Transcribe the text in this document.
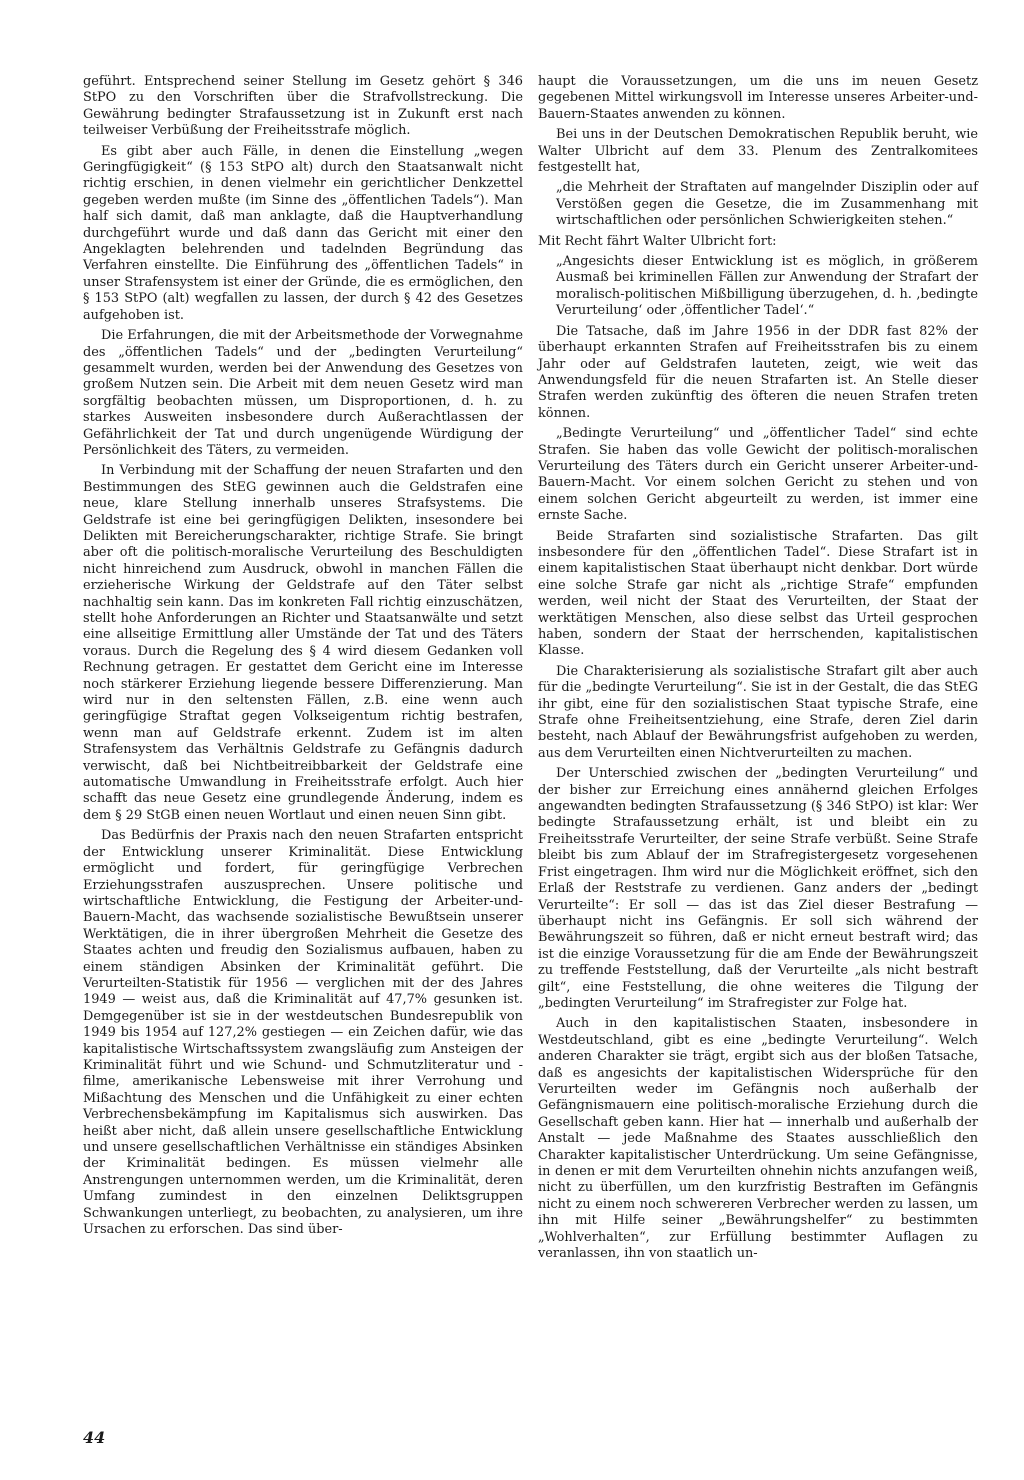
geführt. Entsprechend seiner Stellung im Gesetz gehört § 346 StPO zu den Vorschriften über die Strafvollstreckung. Die Gewährung bedingter Strafaussetzung ist in Zukunft erst nach teilweiser Verbüßung der Freiheitsstrafe möglich.

Es gibt aber auch Fälle, in denen die Einstellung „wegen Geringfügigkeit“ (§ 153 StPO alt) durch den Staatsanwalt nicht richtig erschien, in denen vielmehr ein gerichtlicher Denkzettel gegeben werden mußte (im Sinne des „öffentlichen Tadels“). Man half sich damit, daß man anklagte, daß die Hauptverhandlung durchgeführt wurde und daß dann das Gericht mit einer den Angeklagten belehrenden und tadelnden Begründung das Verfahren einstellte. Die Einführung des „öffentlichen Tadels“ in unser Strafensystem ist einer der Gründe, die es ermöglichen, den § 153 StPO (alt) wegfallen zu lassen, der durch § 42 des Gesetzes aufgehoben ist.

Die Erfahrungen, die mit der Arbeitsmethode der Vorwegnahme des „öffentlichen Tadels“ und der „bedingten Verurteilung“ gesammelt wurden, werden bei der Anwendung des Gesetzes von großem Nutzen sein. Die Arbeit mit dem neuen Gesetz wird man sorgfältig beobachten müssen, um Disproportionen, d. h. zu starkes Ausweiten insbesondere durch Außerachtlassen der Gefährlichkeit der Tat und durch ungenügende Würdigung der Persönlichkeit des Täters, zu vermeiden.

In Verbindung mit der Schaffung der neuen Strafarten und den Bestimmungen des StEG gewinnen auch die Geldstrafen eine neue, klare Stellung innerhalb unseres Strafsystems. Die Geldstrafe ist eine bei geringfügigen Delikten, insesondere bei Delikten mit Bereicherungscharakter, richtige Strafe. Sie bringt aber oft die politisch-moralische Verurteilung des Beschuldigten nicht hinreichend zum Ausdruck, obwohl in manchen Fällen die erzieherische Wirkung der Geldstrafe auf den Täter selbst nachhaltig sein kann. Das im konkreten Fall richtig einzuschätzen, stellt hohe Anforderungen an Richter und Staatsanwälte und setzt eine allseitige Ermittlung aller Umstände der Tat und des Täters voraus. Durch die Regelung des § 4 wird diesem Gedanken voll Rechnung getragen. Er gestattet dem Gericht eine im Interesse noch stärkerer Erziehung liegende bessere Differenzierung. Man wird nur in den seltensten Fällen, z.B. eine wenn auch geringfügige Straftat gegen Volkseigentum richtig bestrafen, wenn man auf Geldstrafe erkennt. Zudem ist im alten Strafensystem das Verhältnis Geldstrafe zu Gefängnis dadurch verwischt, daß bei Nichtbeitreibbarkeit der Geldstrafe eine automatische Umwandlung in Freiheitsstrafe erfolgt. Auch hier schafft das neue Gesetz eine grundlegende Änderung, indem es dem § 29 StGB einen neuen Wortlaut und einen neuen Sinn gibt.

Das Bedürfnis der Praxis nach den neuen Strafarten entspricht der Entwicklung unserer Kriminalität. Diese Entwicklung ermöglicht und fordert, für geringfügige Verbrechen Erziehungsstrafen auszusprechen. Unsere politische und wirtschaftliche Entwicklung, die Festigung der Arbeiter-und-Bauern-Macht, das wachsende sozialistische Bewußtsein unserer Werktätigen, die in ihrer übergroßen Mehrheit die Gesetze des Staates achten und freudig den Sozialismus aufbauen, haben zu einem ständigen Absinken der Kriminalität geführt. Die Verurteilten-Statistik für 1956 — verglichen mit der des Jahres 1949 — weist aus, daß die Kriminalität auf 47,7% gesunken ist. Demgegenüber ist sie in der westdeutschen Bundesrepublik von 1949 bis 1954 auf 127,2% gestiegen — ein Zeichen dafür, wie das kapitalistische Wirtschaftssystem zwangsläufig zum Ansteigen der Kriminalität führt und wie Schund- und Schmutzliteratur und -filme, amerikanische Lebensweise mit ihrer Verrohung und Mißachtung des Menschen und die Unfähigkeit zu einer echten Verbrechensbekämpfung im Kapitalismus sich auswirken. Das heißt aber nicht, daß allein unsere gesellschaftliche Entwicklung und unsere gesellschaftlichen Verhältnisse ein ständiges Absinken der Kriminalität bedingen. Es müssen vielmehr alle Anstrengungen unternommen werden, um die Kriminalität, deren Umfang zumindest in den einzelnen Deliktsgruppen Schwankungen unterliegt, zu beobachten, zu analysieren, um ihre Ursachen zu erforschen. Das sind über-

haupt die Voraussetzungen, um die uns im neuen Gesetz gegebenen Mittel wirkungsvoll im Interesse unseres Arbeiter-und-Bauern-Staates anwenden zu können.

Bei uns in der Deutschen Demokratischen Republik beruht, wie Walter Ulbricht auf dem 33. Plenum des Zentralkomitees festgestellt hat,

„die Mehrheit der Straftaten auf mangelnder Disziplin oder auf Verstößen gegen die Gesetze, die im Zusammenhang mit wirtschaftlichen oder persönlichen Schwierigkeiten stehen.“

Mit Recht fährt Walter Ulbricht fort:

„Angesichts dieser Entwicklung ist es möglich, in größerem Ausmaß bei kriminellen Fällen zur Anwendung der Strafart der moralisch-politischen Mißbilligung überzugehen, d. h. ‚bedingte Verurteilung‘ oder ‚öffentlicher Tadel‘.“

Die Tatsache, daß im Jahre 1956 in der DDR fast 82% der überhaupt erkannten Strafen auf Freiheitsstrafen bis zu einem Jahr oder auf Geldstrafen lauteten, zeigt, wie weit das Anwendungsfeld für die neuen Strafarten ist. An Stelle dieser Strafen werden zukünftig des öfteren die neuen Strafen treten können.

„Bedingte Verurteilung“ und „öffentlicher Tadel“ sind echte Strafen. Sie haben das volle Gewicht der politisch-moralischen Verurteilung des Täters durch ein Gericht unserer Arbeiter-und-Bauern-Macht. Vor einem solchen Gericht zu stehen und von einem solchen Gericht abgeurteilt zu werden, ist immer eine ernste Sache.

Beide Strafarten sind sozialistische Strafarten. Das gilt insbesondere für den „öffentlichen Tadel“. Diese Strafart ist in einem kapitalistischen Staat überhaupt nicht denkbar. Dort würde eine solche Strafe gar nicht als „richtige Strafe“ empfunden werden, weil nicht der Staat des Verurteilten, der Staat der werktätigen Menschen, also diese selbst das Urteil gesprochen haben, sondern der Staat der herrschenden, kapitalistischen Klasse.

Die Charakterisierung als sozialistische Strafart gilt aber auch für die „bedingte Verurteilung“. Sie ist in der Gestalt, die das StEG ihr gibt, eine für den sozialistischen Staat typische Strafe, eine Strafe ohne Freiheitsentziehung, eine Strafe, deren Ziel darin besteht, nach Ablauf der Bewährungsfrist aufgehoben zu werden, aus dem Verurteilten einen Nichtverurteilten zu machen.

Der Unterschied zwischen der „bedingten Verurteilung“ und der bisher zur Erreichung eines annähernd gleichen Erfolges angewandten bedingten Strafaussetzung (§ 346 StPO) ist klar: Wer bedingte Strafaussetzung erhält, ist und bleibt ein zu Freiheitsstrafe Verurteilter, der seine Strafe verbüßt. Seine Strafe bleibt bis zum Ablauf der im Strafregistergesetz vorgesehenen Frist eingetragen. Ihm wird nur die Möglichkeit eröffnet, sich den Erlaß der Reststrafe zu verdienen. Ganz anders der „bedingt Verurteilte“: Er soll — das ist das Ziel dieser Bestrafung — überhaupt nicht ins Gefängnis. Er soll sich während der Bewährungszeit so führen, daß er nicht erneut bestraft wird; das ist die einzige Voraussetzung für die am Ende der Bewährungszeit zu treffende Feststellung, daß der Verurteilte „als nicht bestraft gilt“, eine Feststellung, die ohne weiteres die Tilgung der „bedingten Verurteilung“ im Strafregister zur Folge hat.

Auch in den kapitalistischen Staaten, insbesondere in Westdeutschland, gibt es eine „bedingte Verurteilung“. Welch anderen Charakter sie trägt, ergibt sich aus der bloßen Tatsache, daß es angesichts der kapitalistischen Widersprüche für den Verurteilten weder im Gefängnis noch außerhalb der Gefängnismauern eine politisch-moralische Erziehung durch die Gesellschaft geben kann. Hier hat — innerhalb und außerhalb der Anstalt — jede Maßnahme des Staates ausschließlich den Charakter kapitalistischer Unterdrückung. Um seine Gefängnisse, in denen er mit dem Verurteilten ohnehin nichts anzufangen weiß, nicht zu überfüllen, um den kurzfristig Bestraften im Gefängnis nicht zu einem noch schwereren Verbrecher werden zu lassen, um ihn mit Hilfe seiner „Bewährungshelfer“ zu bestimmten „Wohlverhalten“, zur Erfüllung bestimmter Auflagen zu veranlassen, ihn von staatlich un-

44
